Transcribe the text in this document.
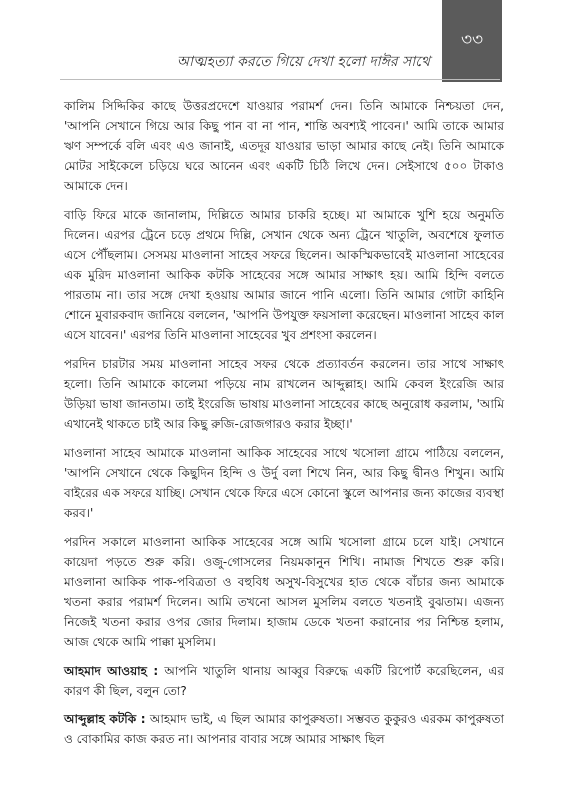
৩৩
আত্মহত্যা করতে গিয়ে দেখা হলো দাঈর সাথে

কালিম সিদ্দিকির কাছে উত্তরপ্রদেশে যাওয়ার পরামর্শ দেন। তিনি আমাকে নিশ্চয়তা দেন, 'আপনি সেখানে গিয়ে আর কিছু পান বা না পান, শান্তি অবশ্যই পাবেন।' আমি তাকে আমার ঋণ সম্পর্কে বলি এবং এও জানাই, এতদূর যাওয়ার ভাড়া আমার কাছে নেই। তিনি আমাকে মোটর সাইকেলে চড়িয়ে ঘরে আনেন এবং একটি চিঠি লিখে দেন। সেইসাথে ৫০০ টাকাও আমাকে দেন।

বাড়ি ফিরে মাকে জানালাম, দিল্লিতে আমার চাকরি হচ্ছে। মা আমাকে খুশি হয়ে অনুমতি দিলেন। এরপর ট্রেনে চড়ে প্রথমে দিল্লি, সেখান থেকে অন্য ট্রেনে খাতুলি, অবশেষে ফুলাত এসে পৌঁছলাম। সেসময় মাওলানা সাহেব সফরে ছিলেন। আকস্মিকভাবেই মাওলানা সাহেবের এক মুরিদ মাওলানা আকিক কটকি সাহেবের সঙ্গে আমার সাক্ষাৎ হয়। আমি হিন্দি বলতে পারতাম না। তার সঙ্গে দেখা হওয়ায় আমার জানে পানি এলো। তিনি আমার গোটা কাহিনি শোনে মুবারকবাদ জানিয়ে বললেন, 'আপনি উপযুক্ত ফয়সালা করেছেন। মাওলানা সাহেব কাল এসে যাবেন।' এরপর তিনি মাওলানা সাহেবের খুব প্রশংসা করলেন।

পরদিন চারটার সময় মাওলানা সাহেব সফর থেকে প্রত্যাবর্তন করলেন। তার সাথে সাক্ষাৎ হলো। তিনি আমাকে কালেমা পড়িয়ে নাম রাখলেন আব্দুল্লাহ। আমি কেবল ইংরেজি আর উড়িয়া ভাষা জানতাম। তাই ইংরেজি ভাষায় মাওলানা সাহেবের কাছে অনুরোধ করলাম, 'আমি এখানেই থাকতে চাই আর কিছু রুজি-রোজগারও করার ইচ্ছা।'

মাওলানা সাহেব আমাকে মাওলানা আকিক সাহেবের সাথে খসোলা গ্রামে পাঠিয়ে বললেন, 'আপনি সেখানে থেকে কিছুদিন হিন্দি ও উর্দু বলা শিখে নিন, আর কিছু দ্বীনও শিখুন। আমি বাইরের এক সফরে যাচ্ছি। সেখান থেকে ফিরে এসে কোনো স্কুলে আপনার জন্য কাজের ব্যবস্থা করব।'

পরদিন সকালে মাওলানা আকিক সাহেবের সঙ্গে আমি খসোলা গ্রামে চলে যাই। সেখানে কায়েদা পড়তে শুরু করি। ওজু-গোসলের নিয়মকানুন শিখি। নামাজ শিখতে শুরু করি। মাওলানা আকিক পাক-পবিত্রতা ও বহুবিধ অসুখ-বিসুখের হাত থেকে বাঁচার জন্য আমাকে খতনা করার পরামর্শ দিলেন। আমি তখনো আসল মুসলিম বলতে খতনাই বুঝতাম। এজন্য নিজেই খতনা করার ওপর জোর দিলাম। হাজাম ডেকে খতনা করানোর পর নিশ্চিন্ত হলাম, আজ থেকে আমি পাক্কা মুসলিম।

আহমাদ আওয়াহ : আপনি খাতুলি থানায় আব্বুর বিরুদ্ধে একটি রিপোর্ট করেছিলেন, এর কারণ কী ছিল, বলুন তো?

আব্দুল্লাহ কটকি : আহমাদ ভাই, এ ছিল আমার কাপুরুষতা। সম্ভবত কুকুরও এরকম কাপুরুষতা ও বোকামির কাজ করত না। আপনার বাবার সঙ্গে আমার সাক্ষাৎ ছিল
